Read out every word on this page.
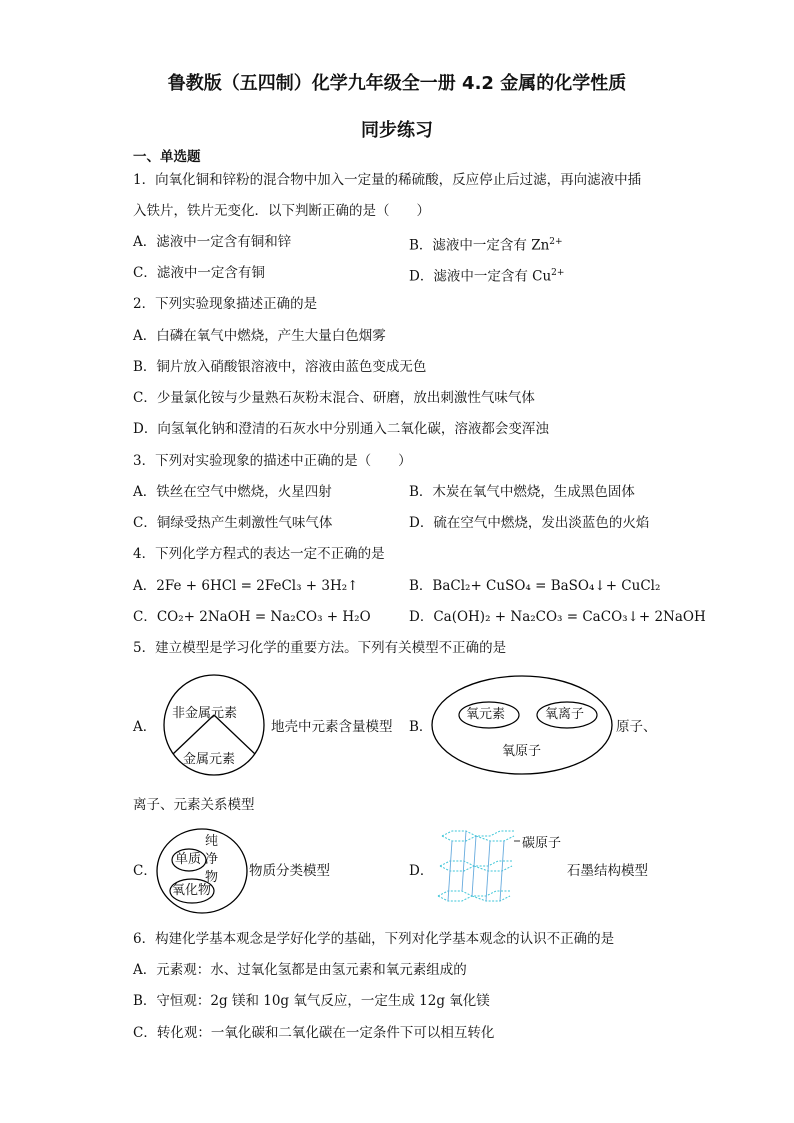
鲁教版（五四制）化学九年级全一册 4.2 金属的化学性质
同步练习
一、单选题
1．向氧化铜和锌粉的混合物中加入一定量的稀硫酸，反应停止后过滤，再向滤液中插
入铁片，铁片无变化．以下判断正确的是（　　）
A．滤液中一定含有铜和锌	B．滤液中一定含有 $Zn^{2+}$
C．滤液中一定含有铜	D．滤液中一定含有 $Cu^{2+}$
2．下列实验现象描述正确的是
A．白磷在氧气中燃烧，产生大量白色烟雾
B．铜片放入硝酸银溶液中，溶液由蓝色变成无色
C．少量氯化铵与少量熟石灰粉末混合、研磨，放出刺激性气味气体
D．向氢氧化钠和澄清的石灰水中分别通入二氧化碳，溶液都会变浑浊
3．下列对实验现象的描述中正确的是（　　）
A．铁丝在空气中燃烧，火星四射	B．木炭在氧气中燃烧，生成黑色固体
C．铜绿受热产生刺激性气味气体	D．硫在空气中燃烧，发出淡蓝色的火焰
4．下列化学方程式的表达一定不正确的是
A．2Fe + 6HCl = 2FeCl₃ + 3H₂↑	B．BaCl₂+ CuSO₄ = BaSO₄↓+ CuCl₂
C．CO₂+ 2NaOH = Na₂CO₃ + H₂O	D．Ca(OH)₂ + Na₂CO₃ = CaCO₃↓+ 2NaOH
5．建立模型是学习化学的重要方法。下列有关模型不正确的是
A．
非金属元素
金属元素
地壳中元素含量模型 B．
氧元素	氧离子
氧原子
原子、
离子、元素关系模型
C．
纯
净
物
单质
氧化物
物质分类模型	D．
碳原子
石墨结构模型
6．构建化学基本观念是学好化学的基础，下列对化学基本观念的认识不正确的是
A．元素观：水、过氧化氢都是由氢元素和氧元素组成的
B．守恒观：2g 镁和 10g 氧气反应，一定生成 12g 氧化镁
C．转化观：一氧化碳和二氧化碳在一定条件下可以相互转化
